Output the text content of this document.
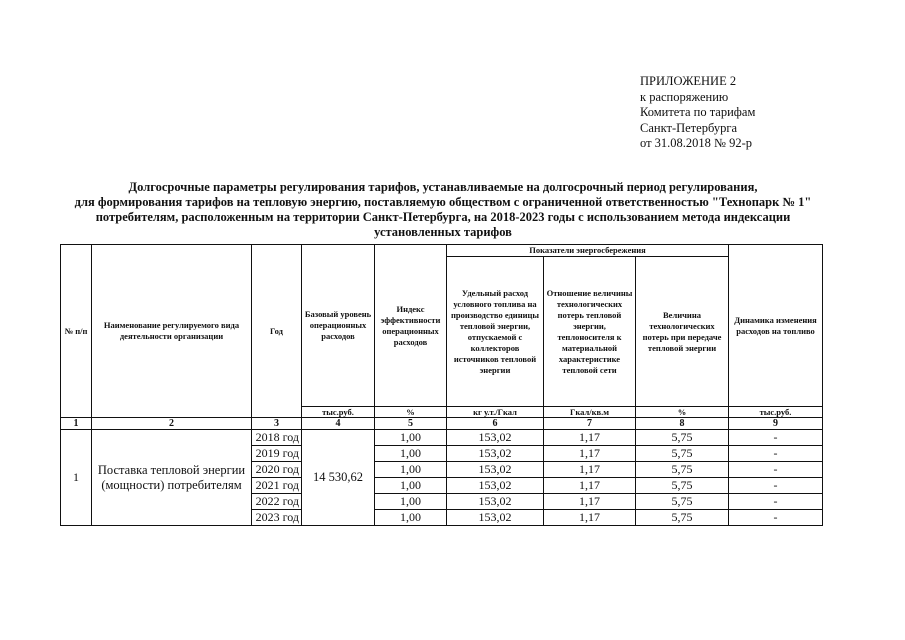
ПРИЛОЖЕНИЕ 2
к распоряжению
Комитета по тарифам
Санкт-Петербурга
от 31.08.2018 № 92-р
Долгосрочные параметры регулирования тарифов, устанавливаемые на долгосрочный период регулирования,
для формирования тарифов на тепловую энергию, поставляемую обществом с ограниченной ответственностью "Технопарк № 1"
потребителям, расположенным на территории Санкт-Петербурга, на 2018-2023 годы с использованием метода индексации
установленных тарифов
№ п/п	Наименование регулируемого вида деятельности организации	Год	Базовый уровень операционных расходов	Индекс эффективности операционных расходов	Показатели энергосбережения			Динамика изменения расходов на топливо
					Удельный расход условного топлива на производство единицы тепловой энергии, отпускаемой с коллекторов источников тепловой энергии	Отношение величины технологических потерь тепловой энергии, теплоносителя к материальной характеристике тепловой сети	Величина технологических потерь при передаче тепловой энергии	
			тыс.руб.	%	кг у.т./Гкал	Гкал/кв.м	%	тыс.руб.
1	2	3	4	5	6	7	8	9
1	Поставка тепловой энергии (мощности) потребителям	2018 год	14 530,62	1,00	153,02	1,17	5,75	-
		2019 год		1,00	153,02	1,17	5,75	-
		2020 год		1,00	153,02	1,17	5,75	-
		2021 год		1,00	153,02	1,17	5,75	-
		2022 год		1,00	153,02	1,17	5,75	-
		2023 год		1,00	153,02	1,17	5,75	-
